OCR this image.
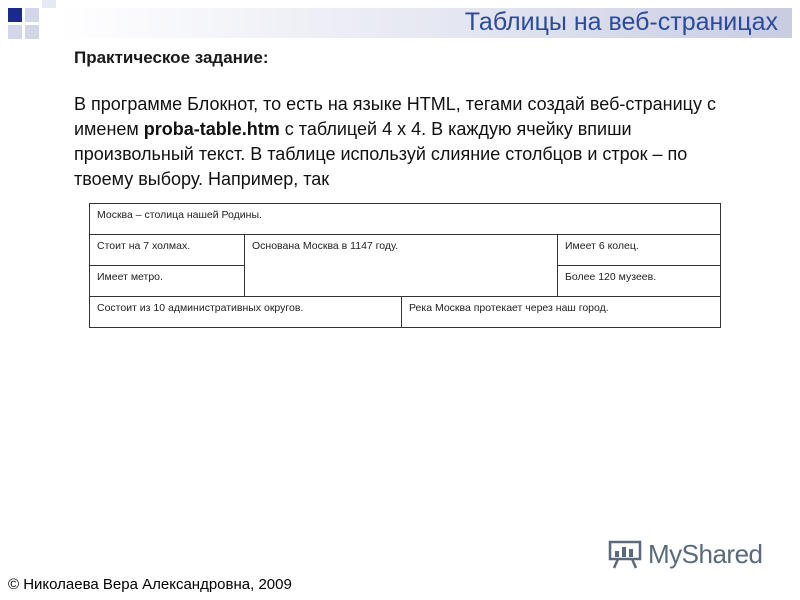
Таблицы на веб-страницах
Практическое задание:

В программе Блокнот, то есть на языке HTML, тегами создай веб-страницу с именем proba-table.htm с таблицей 4 х 4. В каждую ячейку впиши произвольный текст. В таблице используй слияние столбцов и строк – по твоему выбору. Например, так

Москва – столица нашей Родины.			
Стоит на 7 холмах.	Основана Москва в 1147 году.		Имеет 6 колец.
Имеет метро.			Более 120 музеев.
Состоит из 10 административных округов.		Река Москва протекает через наш город.	
MyShared

© Николаева Вера Александровна, 2009
